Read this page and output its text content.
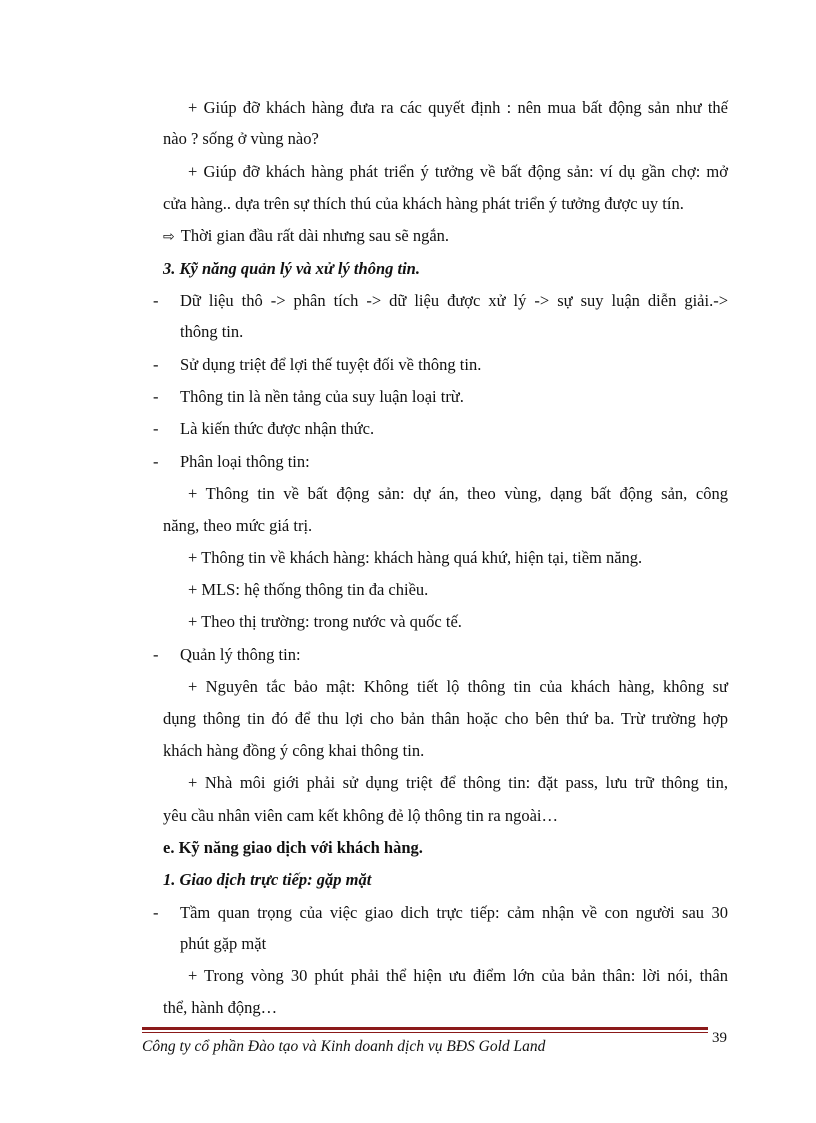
+ Giúp đỡ khách hàng đưa ra các quyết định : nên mua bất động sản như thế
nào ? sống ở vùng nào?
+ Giúp đỡ khách hàng phát triển ý tưởng về bất động sản: ví dụ gần chợ: mở
cửa hàng.. dựa trên sự thích thú của khách hàng phát triển ý tưởng được uy tín.
⇨ Thời gian đầu rất dài nhưng sau sẽ ngắn.
3. Kỹ năng quản lý và xử lý thông tin.
- Dữ liệu thô -> phân tích -> dữ liệu được xử lý -> sự suy luận diễn giải.->
thông tin.
- Sử dụng triệt để lợi thế tuyệt đối về thông tin.
- Thông tin là nền tảng của suy luận loại trừ.
- Là kiến thức được nhận thức.
- Phân loại thông tin:
+ Thông tin về bất động sản: dự án, theo vùng, dạng bất động sản, công
năng, theo mức giá trị.
+ Thông tin về khách hàng: khách hàng quá khứ, hiện tại, tiềm năng.
+ MLS: hệ thống thông tin đa chiều.
+ Theo thị trường: trong nước và quốc tế.
- Quản lý thông tin:
+ Nguyên tắc bảo mật: Không tiết lộ thông tin của khách hàng, không sư
dụng thông tin đó để thu lợi cho bản thân hoặc cho bên thứ ba. Trừ trường hợp
khách hàng đồng ý công khai thông tin.
+ Nhà môi giới phải sử dụng triệt để thông tin: đặt pass, lưu trữ thông tin,
yêu cầu nhân viên cam kết không đẻ lộ thông tin ra ngoài…
e. Kỹ năng giao dịch với khách hàng.
1. Giao dịch trực tiếp: gặp mặt
- Tầm quan trọng của việc giao dich trực tiếp: cảm nhận về con người sau 30
phút gặp mặt
+ Trong vòng 30 phút phải thể hiện ưu điểm lớn của bản thân: lời nói, thân
thể, hành động…
39
Công ty cổ phần Đào tạo và Kinh doanh dịch vụ BĐS Gold Land
